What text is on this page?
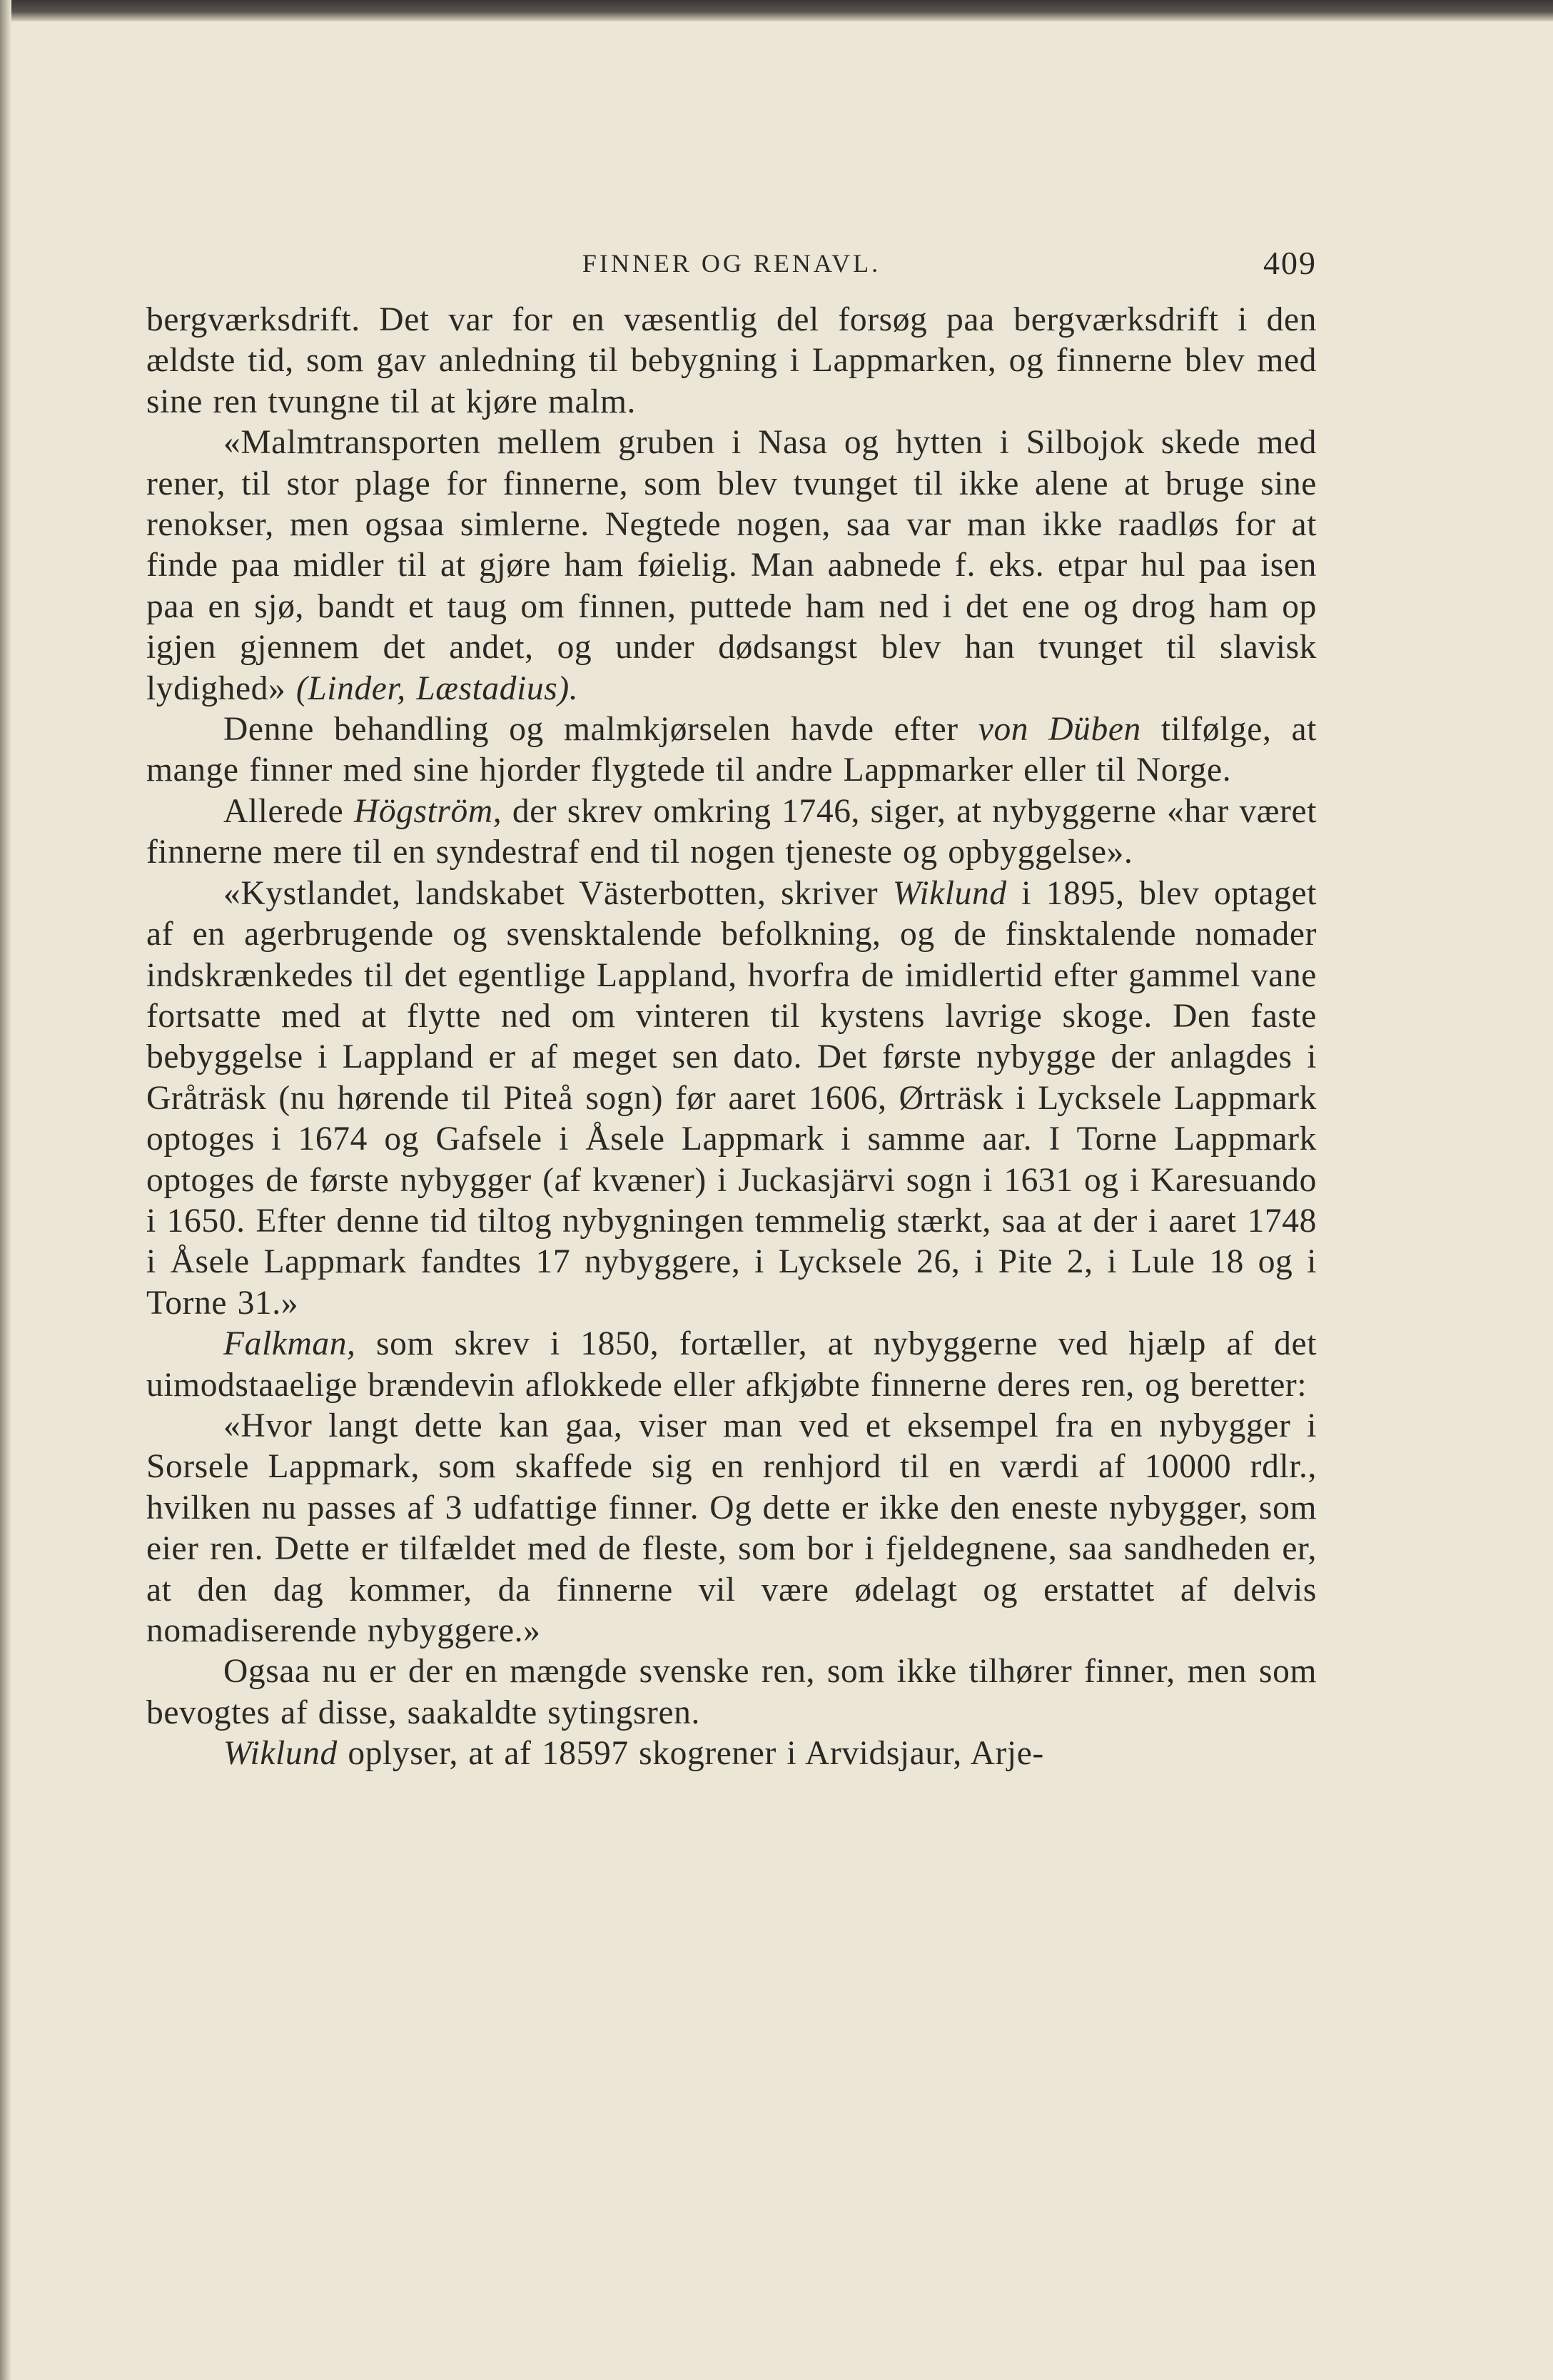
FINNER OG RENAVL.	409

bergværksdrift. Det var for en væsentlig del forsøg paa bergværksdrift i den ældste tid, som gav anledning til bebygning i Lappmarken, og finnerne blev med sine ren tvungne til at kjøre malm.

«Malmtransporten mellem gruben i Nasa og hytten i Silbojok skede med rener, til stor plage for finnerne, som blev tvunget til ikke alene at bruge sine renokser, men ogsaa simlerne. Negtede nogen, saa var man ikke raadløs for at finde paa midler til at gjøre ham føielig. Man aabnede f. eks. etpar hul paa isen paa en sjø, bandt et taug om finnen, puttede ham ned i det ene og drog ham op igjen gjennem det andet, og under dødsangst blev han tvunget til slavisk lydighed» (Linder, Læstadius).

Denne behandling og malmkjørselen havde efter von Düben tilfølge, at mange finner med sine hjorder flygtede til andre Lappmarker eller til Norge.

Allerede Högström, der skrev omkring 1746, siger, at nybyggerne «har været finnerne mere til en syndestraf end til nogen tjeneste og opbyggelse».

«Kystlandet, landskabet Västerbotten, skriver Wiklund i 1895, blev optaget af en agerbrugende og svensktalende befolkning, og de finsktalende nomader indskrænkedes til det egentlige Lappland, hvorfra de imidlertid efter gammel vane fortsatte med at flytte ned om vinteren til kystens lavrige skoge. Den faste bebyggelse i Lappland er af meget sen dato. Det første nybygge der anlagdes i Gråträsk (nu hørende til Piteå sogn) før aaret 1606, Ørträsk i Lycksele Lappmark optoges i 1674 og Gafsele i Åsele Lappmark i samme aar. I Torne Lappmark optoges de første nybygger (af kvæner) i Juckasjärvi sogn i 1631 og i Karesuando i 1650. Efter denne tid tiltog nybygningen temmelig stærkt, saa at der i aaret 1748 i Åsele Lappmark fandtes 17 nybyggere, i Lycksele 26, i Pite 2, i Lule 18 og i Torne 31.»

Falkman, som skrev i 1850, fortæller, at nybyggerne ved hjælp af det uimodstaaelige brændevin aflokkede eller afkjøbte finnerne deres ren, og beretter:

«Hvor langt dette kan gaa, viser man ved et eksempel fra en nybygger i Sorsele Lappmark, som skaffede sig en renhjord til en værdi af 10000 rdlr., hvilken nu passes af 3 udfattige finner. Og dette er ikke den eneste nybygger, som eier ren. Dette er tilfældet med de fleste, som bor i fjeldegnene, saa sandheden er, at den dag kommer, da finnerne vil være ødelagt og erstattet af delvis nomadiserende nybyggere.»

Ogsaa nu er der en mængde svenske ren, som ikke tilhører finner, men som bevogtes af disse, saakaldte sytingsren.

Wiklund oplyser, at af 18597 skogrener i Arvidsjaur, Arje-
